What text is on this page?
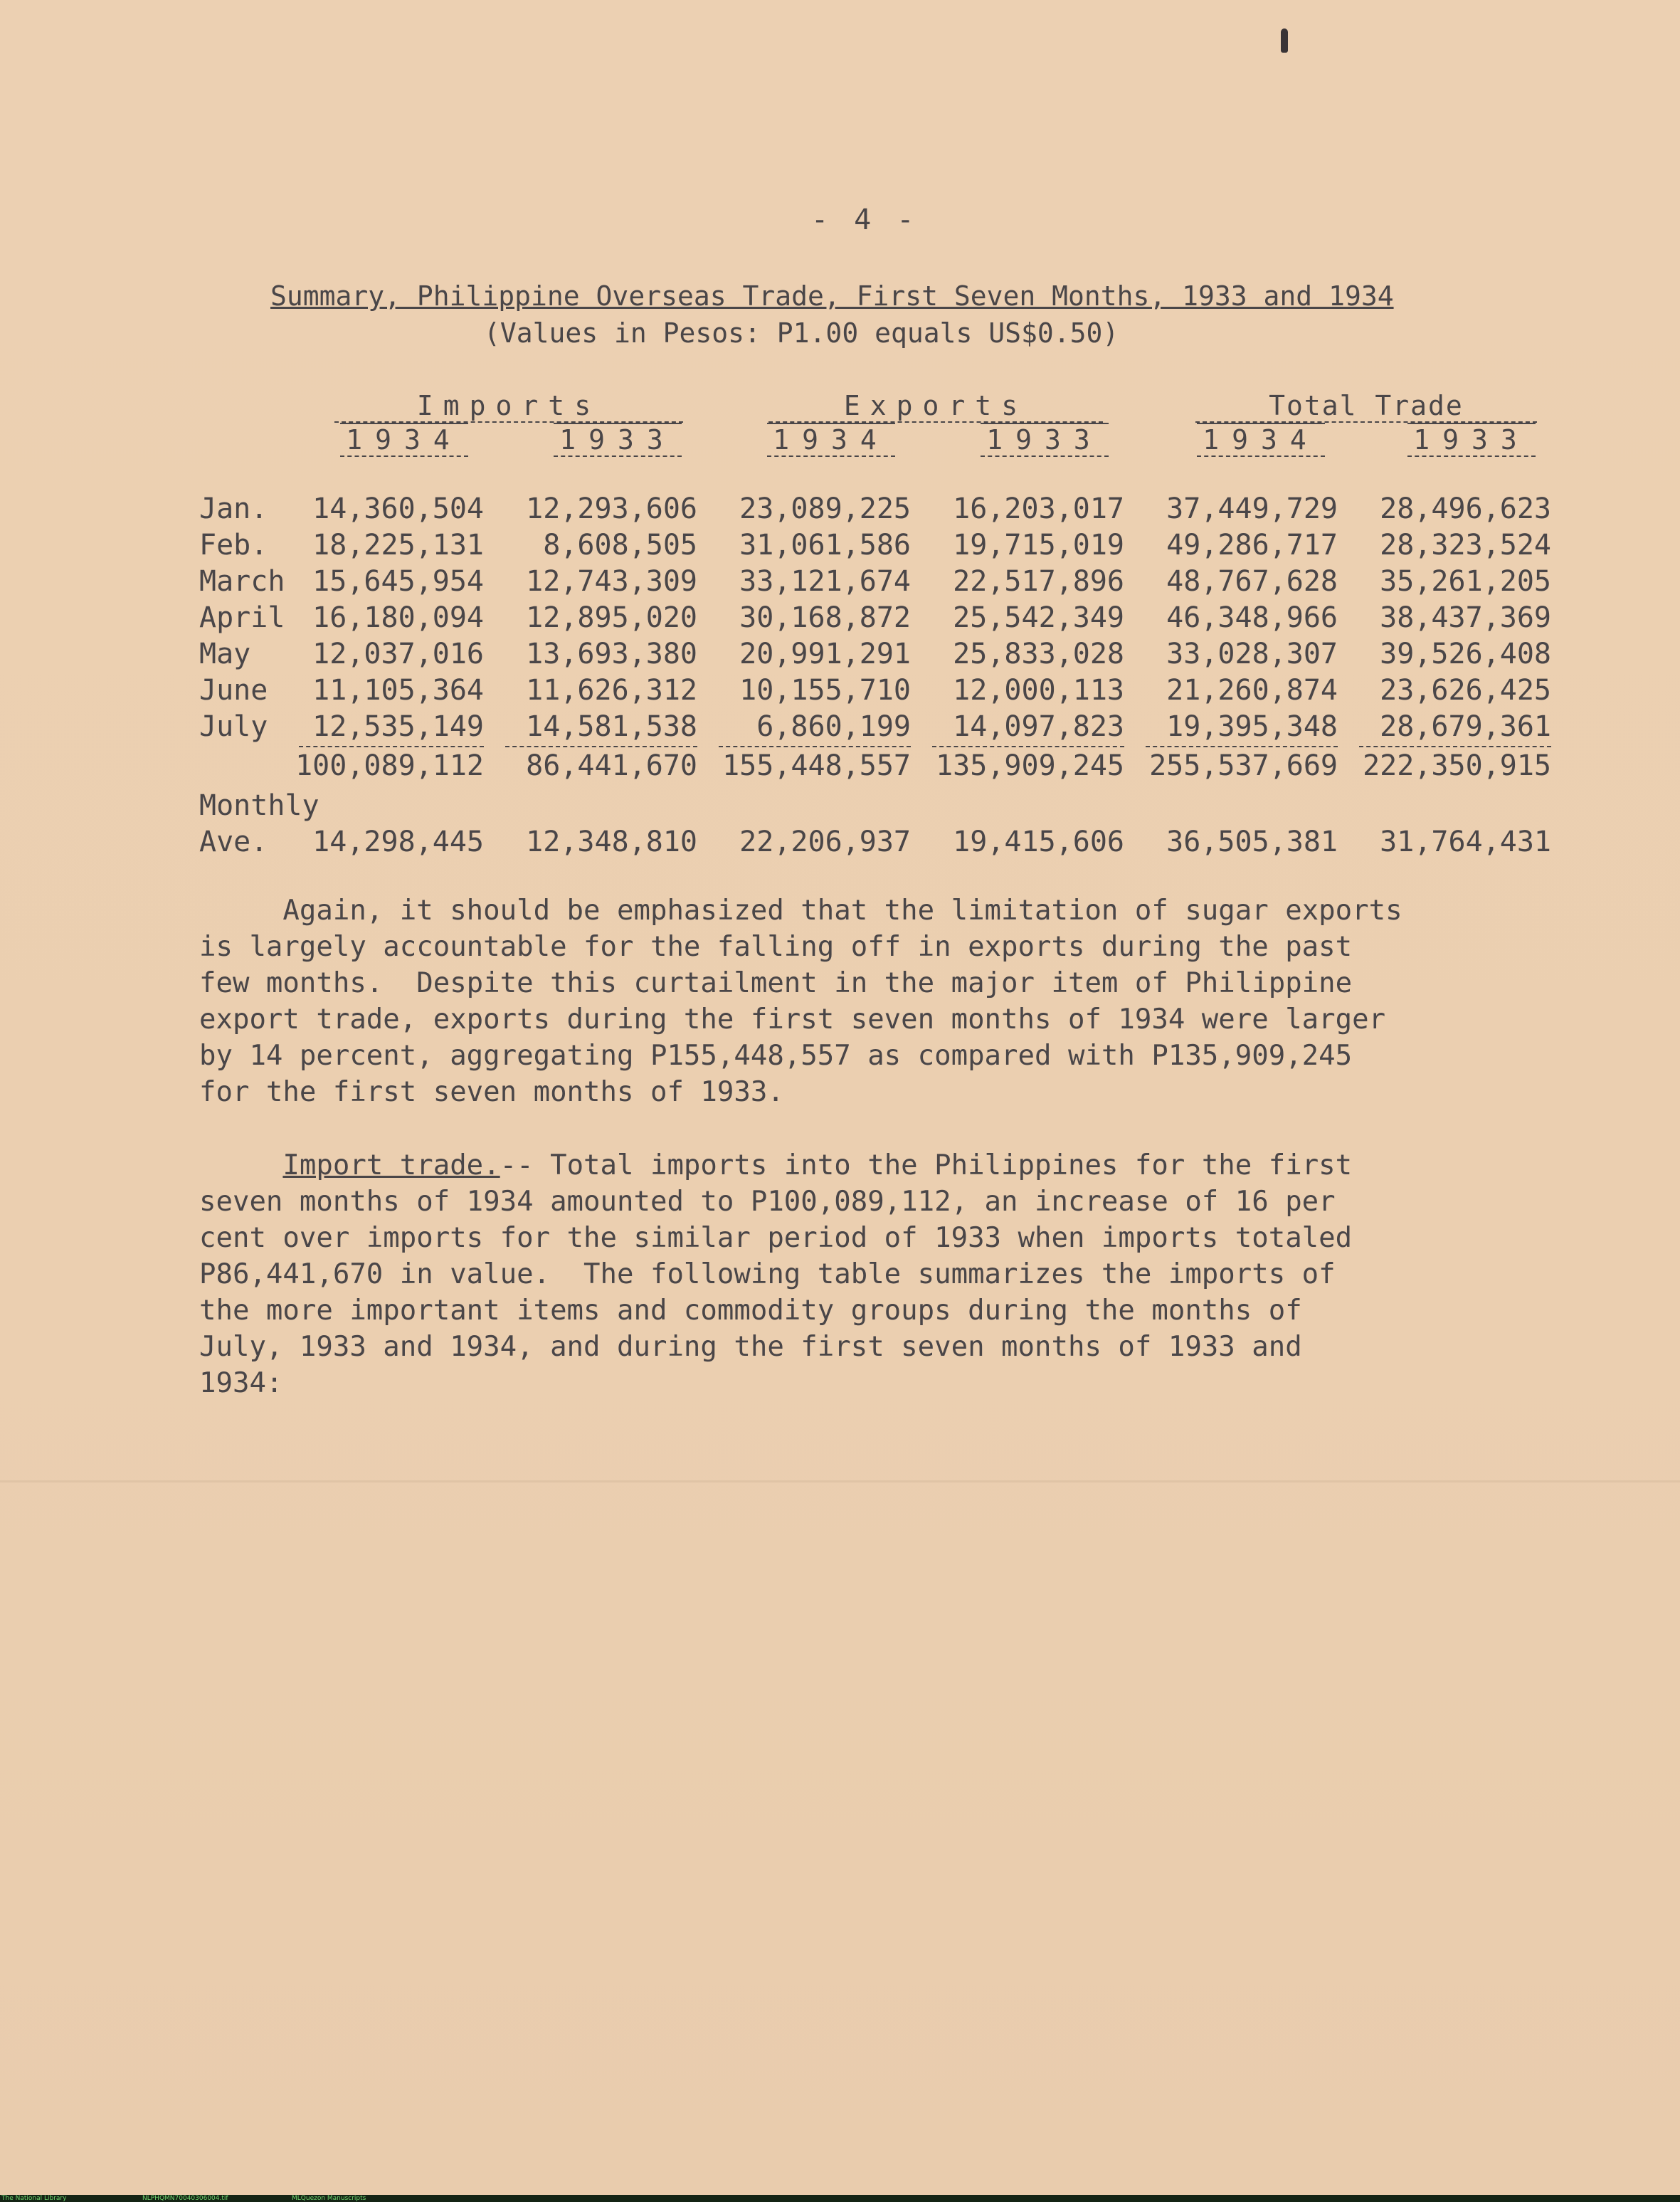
- 4 -
Summary, Philippine Overseas Trade, First Seven Months, 1933 and 1934
(Values in Pesos: P1.00 equals US$0.50)
Imports	Exports	Total Trade
1934	1933	1934	1933	1934	1933
Jan.	14,360,504	12,293,606	23,089,225	16,203,017	37,449,729	28,496,623
Feb.	18,225,131	8,608,505	31,061,586	19,715,019	49,286,717	28,323,524
March 15,645,954	12,743,309	33,121,674	22,517,896	48,767,628	35,261,205
April 16,180,094	12,895,020	30,168,872	25,542,349	46,348,966	38,437,369
May	12,037,016	13,693,380	20,991,291	25,833,028	33,028,307	39,526,408
June	11,105,364	11,626,312	10,155,710	12,000,113	21,260,874	23,626,425
July	12,535,149	14,581,538	6,860,199	14,097,823	19,395,348	28,679,361
100,089,112	86,441,670 155,448,557 135,909,245 255,537,669 222,350,915
Monthly
Ave.	14,298,445	12,348,810	22,206,937	19,415,606	36,505,381	31,764,431

Again, it should be emphasized that the limitation of sugar exports
is largely accountable for the falling off in exports during the past
few months.  Despite this curtailment in the major item of Philippine
export trade, exports during the first seven months of 1934 were larger
by 14 percent, aggregating P155,448,557 as compared with P135,909,245
for the first seven months of 1933.

Import trade.-- Total imports into the Philippines for the first

seven months of 1934 amounted to P100,089,112, an increase of 16 per
cent over imports for the similar period of 1933 when imports totaled
P86,441,670 in value.  The following table summarizes the imports of
the more important items and commodity groups during the months of
July, 1933 and 1934, and during the first seven months of 1933 and
1934:

The National Library	NLPHQMN70040306004.tif	MLQuezon Manuscripts
